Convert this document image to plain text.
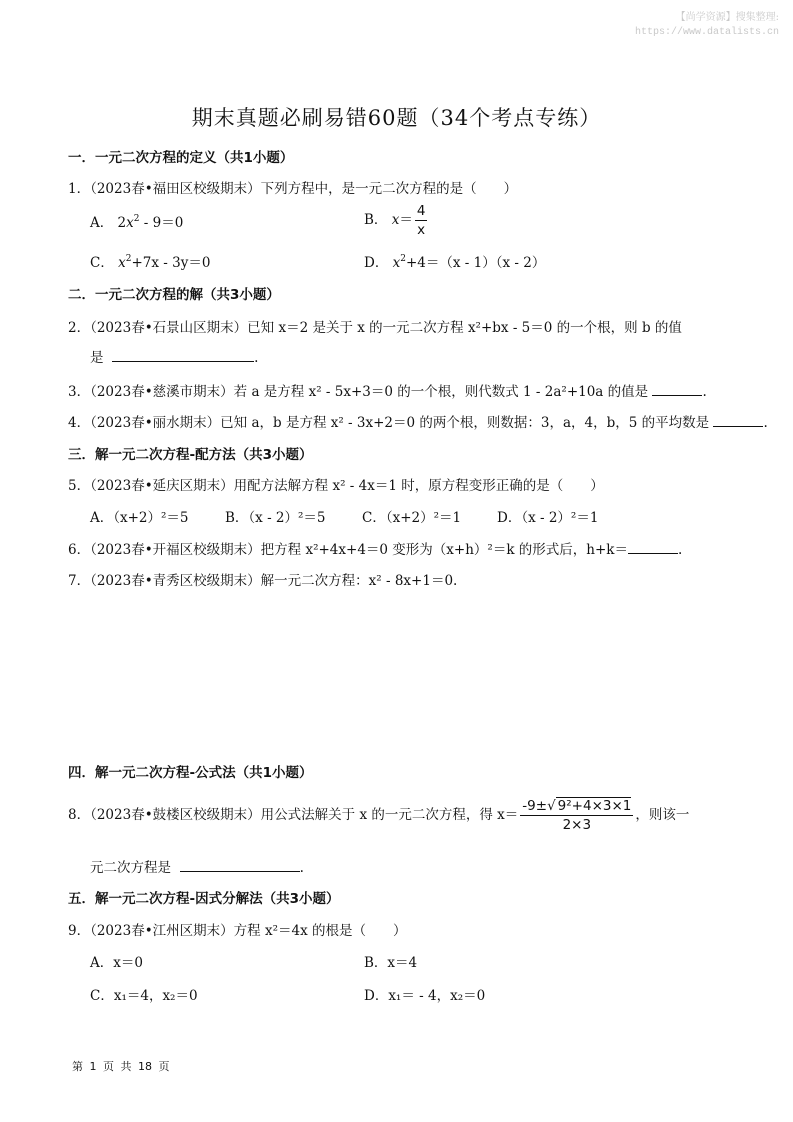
【尚学资源】搜集整理:
https://www.datalists.cn
期末真题必刷易错60题（34个考点专练）
一．一元二次方程的定义（共1小题）
1．（2023春•福田区校级期末）下列方程中，是一元二次方程的是（　　）
A． $2x^2 - 9=0$	B． $x= \frac{4}{x}$
C． $x^2+7x - 3y=0$	D． $x^2+4=(x - 1)(x - 2)$
二．一元二次方程的解（共3小题）
2．（2023春•石景山区期末）已知 x＝2 是关于 x 的一元二次方程 x²+bx - 5＝0 的一个根，则 b 的值
是	.
3．（2023春•慈溪市期末）若 a 是方程 x² - 5x+3＝0 的一个根，则代数式 1 - 2a²+10a 的值是	.
4．（2023春•丽水期末）已知 a，b 是方程 x² - 3x+2＝0 的两个根，则数据：3，a，4，b，5 的平均数是	.
三．解一元二次方程-配方法（共3小题）
5．（2023春•延庆区期末）用配方法解方程 x² - 4x＝1 时，原方程变形正确的是（　　）
A．（x+2）²＝5	B．（x - 2）²＝5	C．（x+2）²＝1	D．（x - 2）²＝1
6．（2023春•开福区校级期末）把方程 x²+4x+4＝0 变形为（x+h）²＝k 的形式后，h+k＝	.
7．（2023春•青秀区校级期末）解一元二次方程：x² - 8x+1＝0.
四．解一元二次方程-公式法（共1小题）
8．（2023春•鼓楼区校级期末）用公式法解关于 x 的一元二次方程，得 $x= \frac{\text{-9±√ 9²+4×3×1}}{2\times 3}$ ，则该一
元二次方程是	.
五．解一元二次方程-因式分解法（共3小题）
9．（2023春•江州区期末）方程 x²＝4x 的根是（　　）
A．x＝0	B．x＝4
C．x₁＝4，x₂＝0	D．x₁＝ - 4，x₂＝0
第 1 页 共 18 页
